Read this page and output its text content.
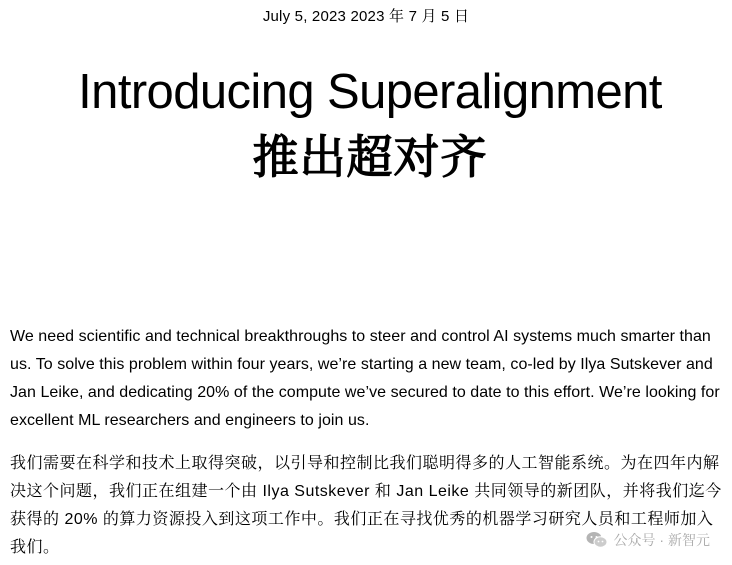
July 5, 2023 2023 年 7 月 5 日
Introducing Superalignment
推出超对齐

We need scientific and technical breakthroughs to steer and control AI systems much smarter than us. To solve this problem within four years, we’re starting a new team, co-led by Ilya Sutskever and Jan Leike, and dedicating 20% of the compute we’ve secured to date to this effort. We’re looking for excellent ML researchers and engineers to join us.

我们需要在科学和技术上取得突破，以引导和控制比我们聪明得多的人工智能系统。为在四年内解决这个问题，我们正在组建一个由 Ilya Sutskever 和 Jan Leike 共同领导的新团队，并将我们迄今获得的 20% 的算力资源投入到这项工作中。我们正在寻找优秀的机器学习研究人员和工程师加入我们。	公众号 · 新智元
